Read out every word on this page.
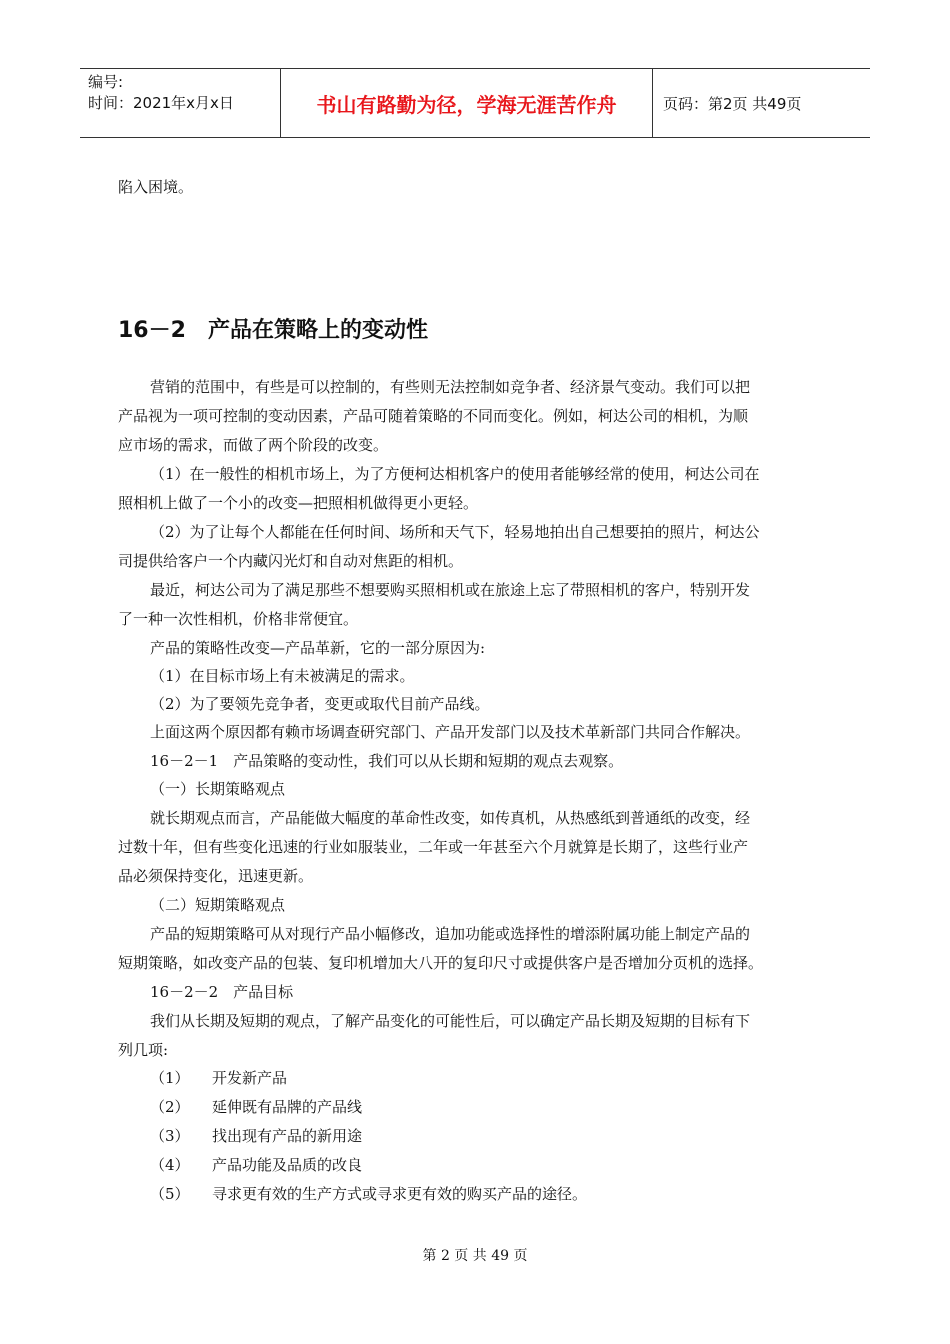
编号:
时间：2021年x月x日	书山有路勤为径，学海无涯苦作舟	页码：第2页 共49页
陷入困境。
16－2 产品在策略上的变动性
营销的范围中，有些是可以控制的，有些则无法控制如竞争者、经济景气变动。我们可以把
产品视为一项可控制的变动因素，产品可随着策略的不同而变化。例如，柯达公司的相机，为顺
应市场的需求，而做了两个阶段的改变。
（1）在一般性的相机市场上，为了方便柯达相机客户的使用者能够经常的使用，柯达公司在
照相机上做了一个小的改变—把照相机做得更小更轻。
（2）为了让每个人都能在任何时间、场所和天气下，轻易地拍出自己想要拍的照片，柯达公
司提供给客户一个内藏闪光灯和自动对焦距的相机。
最近，柯达公司为了满足那些不想要购买照相机或在旅途上忘了带照相机的客户，特别开发
了一种一次性相机，价格非常便宜。
产品的策略性改变—产品革新，它的一部分原因为:
（1）在目标市场上有未被满足的需求。
（2）为了要领先竞争者，变更或取代目前产品线。
上面这两个原因都有赖市场调查研究部门、产品开发部门以及技术革新部门共同合作解决。
16－2－1　产品策略的变动性，我们可以从长期和短期的观点去观察。
（一）长期策略观点
就长期观点而言，产品能做大幅度的革命性改变，如传真机，从热感纸到普通纸的改变，经
过数十年，但有些变化迅速的行业如服装业，二年或一年甚至六个月就算是长期了，这些行业产
品必须保持变化，迅速更新。
（二）短期策略观点
产品的短期策略可从对现行产品小幅修改，追加功能或选择性的增添附属功能上制定产品的
短期策略，如改变产品的包装、复印机增加大八开的复印尺寸或提供客户是否增加分页机的选择。
16－2－2　产品目标
我们从长期及短期的观点，了解产品变化的可能性后，可以确定产品长期及短期的目标有下
列几项:
（1） 开发新产品
（2） 延伸既有品牌的产品线
（3） 找出现有产品的新用途
（4） 产品功能及品质的改良
（5） 寻求更有效的生产方式或寻求更有效的购买产品的途径。
第 2 页 共 49 页
